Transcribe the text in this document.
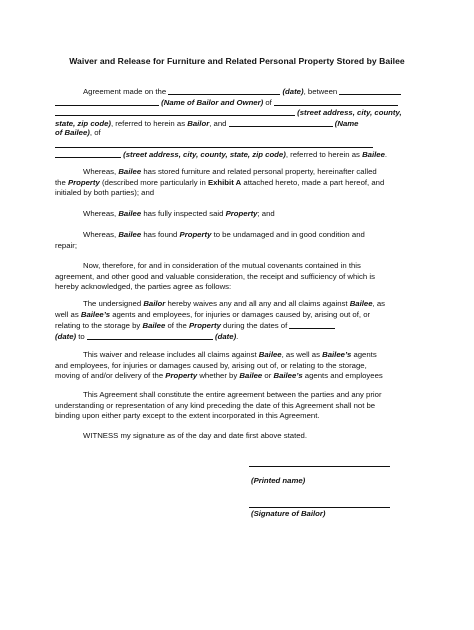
Waiver and Release for Furniture and Related Personal Property Stored by Bailee
Agreement made on the	(date), between
(Name of Bailor and Owner) of
(street address, city, county,
state, zip code), referred to herein as Bailor, and	(Name
of Bailee), of
(street address, city, county, state, zip code), referred to herein as Bailee.
Whereas, Bailee has stored furniture and related personal property, hereinafter called
the Property (described more particularly in Exhibit A attached hereto, made a part hereof, and
initialed by both parties); and
Whereas, Bailee has fully inspected said Property; and
Whereas, Bailee has found Property to be undamaged and in good condition and
repair;
Now, therefore, for and in consideration of the mutual covenants contained in this
agreement, and other good and valuable consideration, the receipt and sufficiency of which is
hereby acknowledged, the parties agree as follows:
The undersigned Bailor hereby waives any and all any and all claims against Bailee, as
well as Bailee’s agents and employees, for injuries or damages caused by, arising out of, or
relating to the storage by Bailee of the Property during the dates of
(date) to	(date).
This waiver and release includes all claims against Bailee, as well as Bailee’s agents
and employees, for injuries or damages caused by, arising out of, or relating to the storage,
moving of and/or delivery of the Property whether by Bailee or Bailee’s agents and employees
This Agreement shall constitute the entire agreement between the parties and any prior
understanding or representation of any kind preceding the date of this Agreement shall not be
binding upon either party except to the extent incorporated in this Agreement.
WITNESS my signature as of the day and date first above stated.
(Printed name)
(Signature of Bailor)
